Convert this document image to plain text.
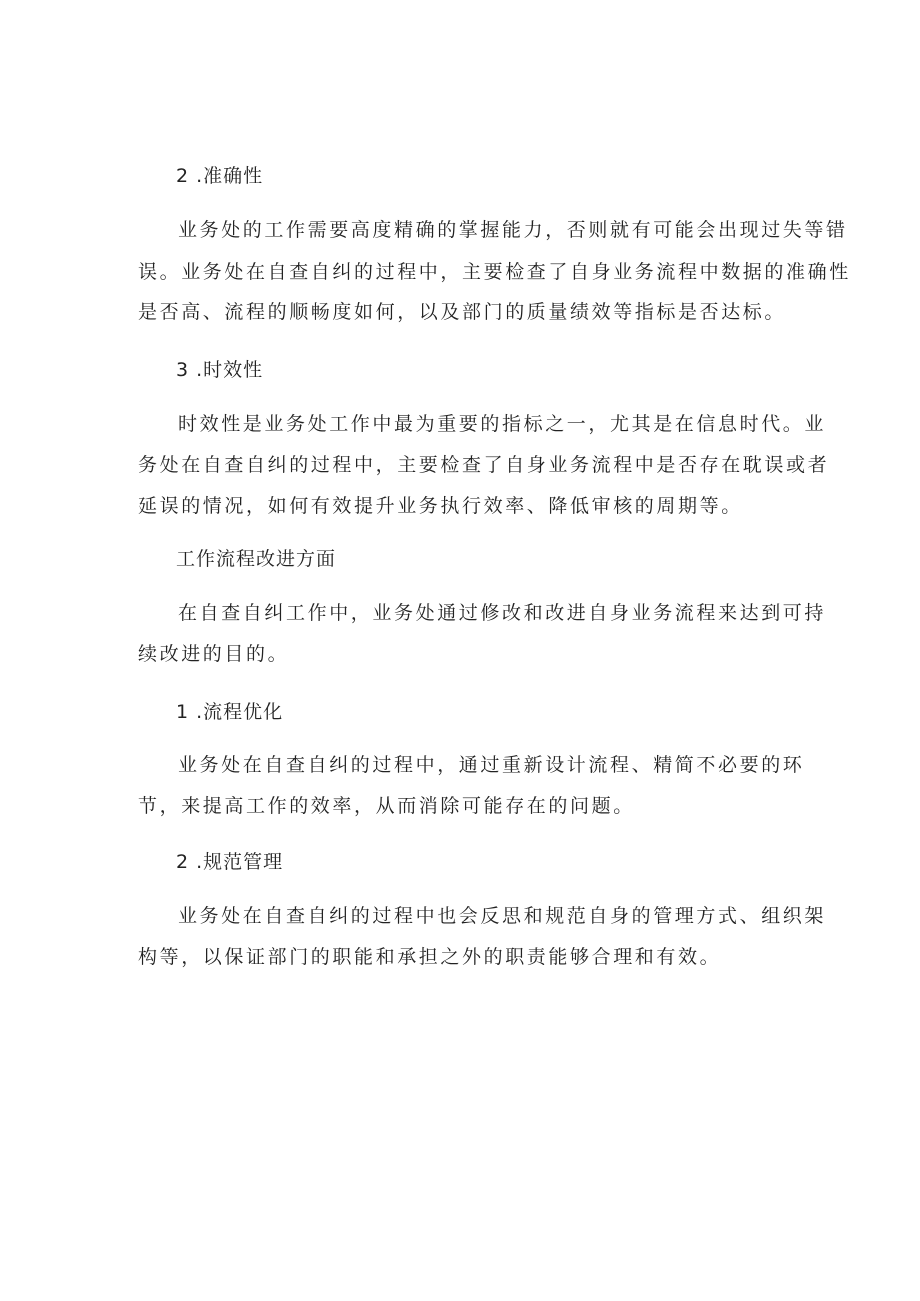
2 .准确性
业务处的工作需要高度精确的掌握能力，否则就有可能会出现过失等错
误。业务处在自查自纠的过程中，主要检查了自身业务流程中数据的准确性
是否高、流程的顺畅度如何，以及部门的质量绩效等指标是否达标。
3 .时效性
时效性是业务处工作中最为重要的指标之一，尤其是在信息时代。业
务处在自查自纠的过程中，主要检查了自身业务流程中是否存在耽误或者
延误的情况，如何有效提升业务执行效率、降低审核的周期等。
工作流程改进方面
在自查自纠工作中，业务处通过修改和改进自身业务流程来达到可持
续改进的目的。
1 .流程优化
业务处在自查自纠的过程中，通过重新设计流程、精简不必要的环
节，来提高工作的效率，从而消除可能存在的问题。
2 .规范管理
业务处在自查自纠的过程中也会反思和规范自身的管理方式、组织架
构等，以保证部门的职能和承担之外的职责能够合理和有效。
